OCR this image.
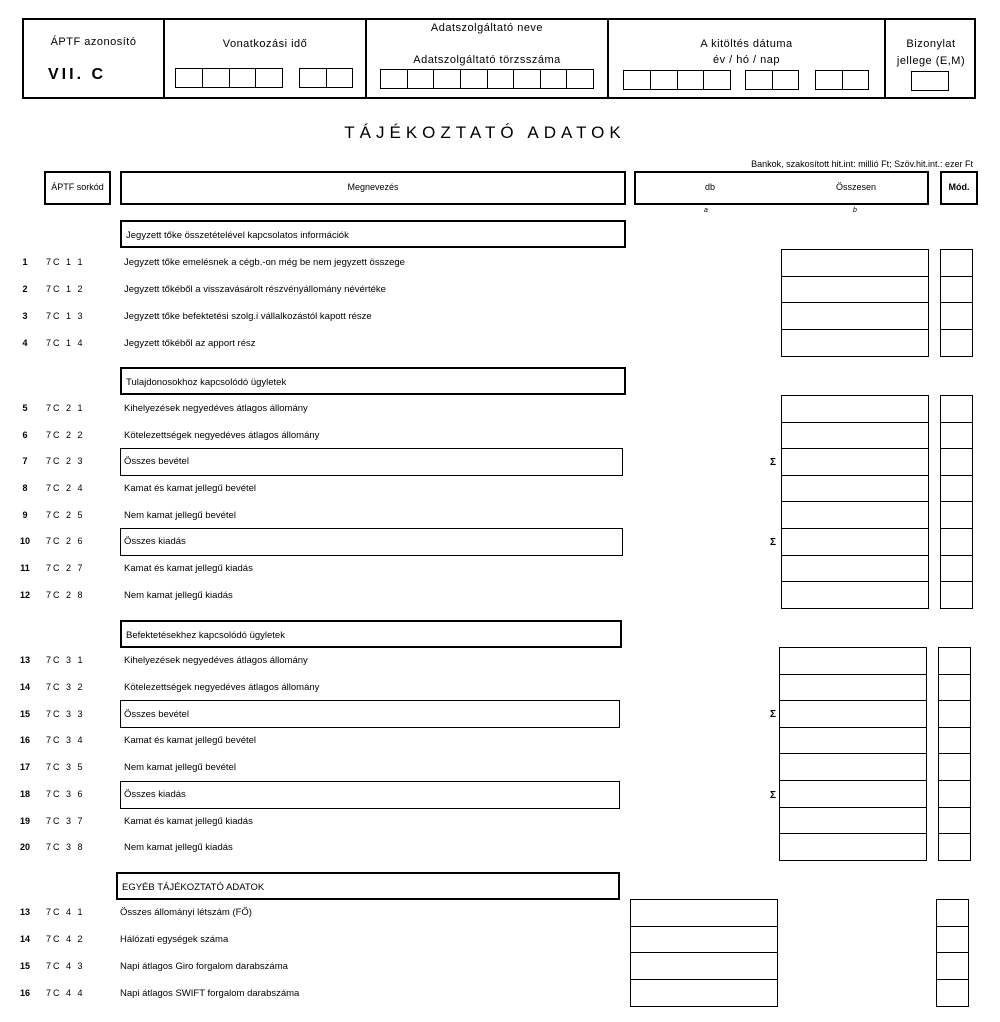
ÁPTF azonosító
VII. C
Vonatkozási idő
Adatszolgáltató neve
Adatszolgáltató törzsszáma
A kitöltés dátuma
év / hó / nap
Bizonylat
jellege (E,M)
TÁJÉKOZTATÓ ADATOK
Bankok, szakosított hit.int: millió Ft; Szöv.hit.int.: ezer Ft
ÁPTF sorkód	Megnevezés	db	Összesen	Mód.
a	b
Jegyzett tőke összetételével kapcsolatos információk
1	7C 1 1	Jegyzett tőke emelésnek a cégb.-on még be nem jegyzett összege
2	7C 1 2	Jegyzett tőkéből a visszavásárolt részvényállomány névértéke
3	7C 1 3	Jegyzett tőke befektetési szolg.i vállalkozástól kapott része
4	7C 1 4	Jegyzett tőkéből az apport rész
Tulajdonosokhoz kapcsolódó ügyletek
Σ
Σ
5	7C 2 1	Kihelyezések negyedéves átlagos állomány
6	7C 2 2	Kötelezettségek negyedéves átlagos állomány
7	7C 2 3	Összes bevétel
8	7C 2 4	Kamat és kamat jellegű bevétel
9	7C 2 5	Nem kamat jellegű bevétel
10 7C 2 6	Összes kiadás
11 7C 2 7	Kamat és kamat jellegű kiadás
12 7C 2 8	Nem kamat jellegű kiadás
Befektetésekhez kapcsolódó ügyletek
Σ
Σ
13 7C 3 1	Kihelyezések negyedéves átlagos állomány
14 7C 3 2	Kötelezettségek negyedéves átlagos állomány
15 7C 3 3	Összes bevétel
16 7C 3 4	Kamat és kamat jellegű bevétel
17 7C 3 5	Nem kamat jellegű bevétel
18 7C 3 6	Összes kiadás
19 7C 3 7	Kamat és kamat jellegű kiadás
20 7C 3 8	Nem kamat jellegű kiadás
EGYÉB TÁJÉKOZTATÓ ADATOK
13 7C 4 1	Összes állományi létszám (FŐ)
14 7C 4 2	Hálózati egységek száma
15 7C 4 3	Napi átlagos Giro forgalom darabszáma
16 7C 4 4	Napi átlagos SWIFT forgalom darabszáma
